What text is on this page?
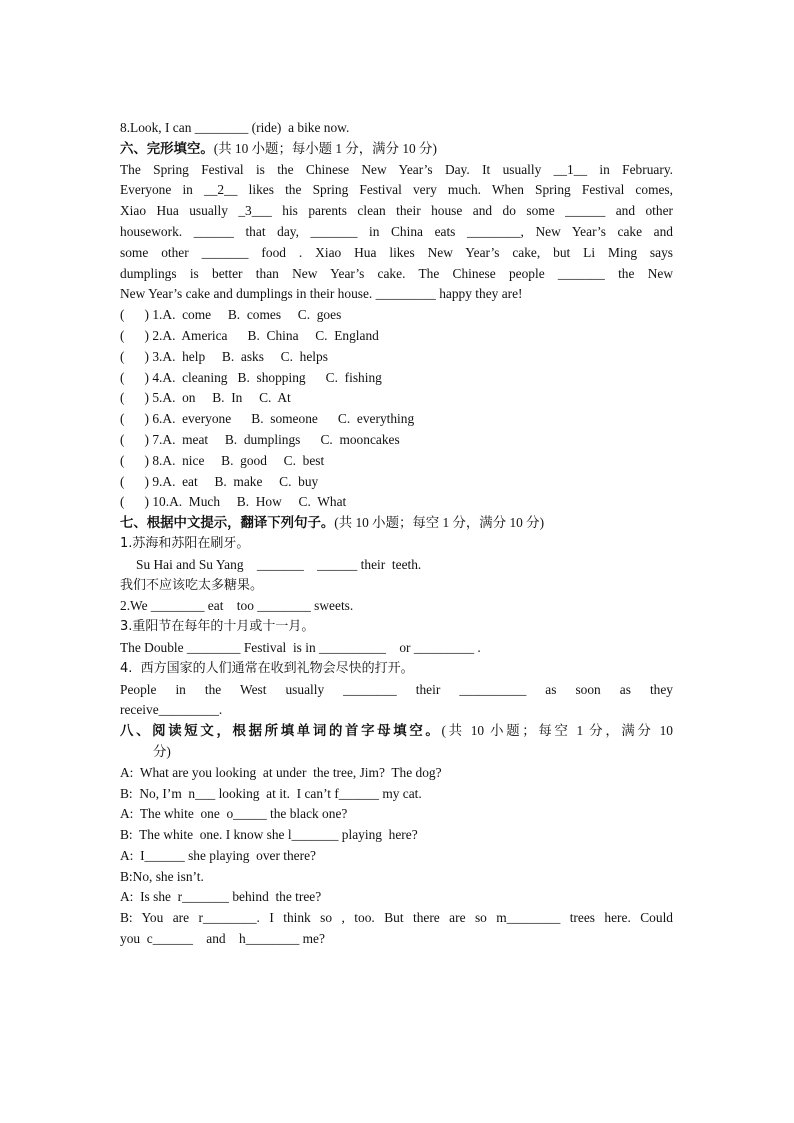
8.Look, I can ________ (ride)  a bike now.
六、完形填空。(共 10 小题；每小题 1 分，满分 10 分)
The Spring Festival is the Chinese New Year’s Day. It usually __1__ in February.
Everyone in __2__ likes the Spring Festival very much. When Spring Festival comes,
Xiao Hua usually _3___ his parents clean their house and do some ______ and other
housework. ______ that day, _______ in China eats ________, New Year’s cake and
some other _______ food . Xiao Hua likes New Year’s cake, but Li Ming says
dumplings is better than New Year’s cake. The Chinese people _______ the New
New Year’s cake and dumplings in their house. _________ happy they are!
(      ) 1.A.  come     B.  comes     C.  goes
(      ) 2.A.  America      B.  China     C.  England
(      ) 3.A.  help     B.  asks     C.  helps
(      ) 4.A.  cleaning   B.  shopping      C.  fishing
(      ) 5.A.  on     B.  In     C.  At
(      ) 6.A.  everyone      B.  someone      C.  everything
(      ) 7.A.  meat     B.  dumplings      C.  mooncakes
(      ) 8.A.  nice     B.  good     C.  best
(      ) 9.A.  eat     B.  make     C.  buy
(      ) 10.A.  Much     B.  How     C.  What
七、根据中文提示，翻译下列句子。(共 10 小题；每空 1 分，满分 10 分)
1.苏海和苏阳在刷牙。
Su Hai and Su Yang    _______    ______ their  teeth.
我们不应该吃太多糖果。
2.We ________ eat    too ________ sweets.
3.重阳节在每年的十月或十一月。
The Double ________ Festival  is in __________    or _________ .
4.  西方国家的人们通常在收到礼物会尽快的打开。
People in the West usually ________ their __________ as soon as they
receive_________.
八、阅读短文，根据所填单词的首字母填空。(共 10 小题；每空 1 分，满分 10
分)
A:  What are you looking  at under  the tree, Jim?  The dog?
B:  No, I’m  n___ looking  at it.  I can’t f______ my cat.
A:  The white  one  o_____ the black one?
B:  The white  one. I know she l_______ playing  here?
A:  I______ she playing  over there?
B:No, she isn’t.
A:  Is she  r_______ behind  the tree?
B: You are r________. I think so , too. But there are so m________ trees here. Could
you  c______    and    h________ me?
